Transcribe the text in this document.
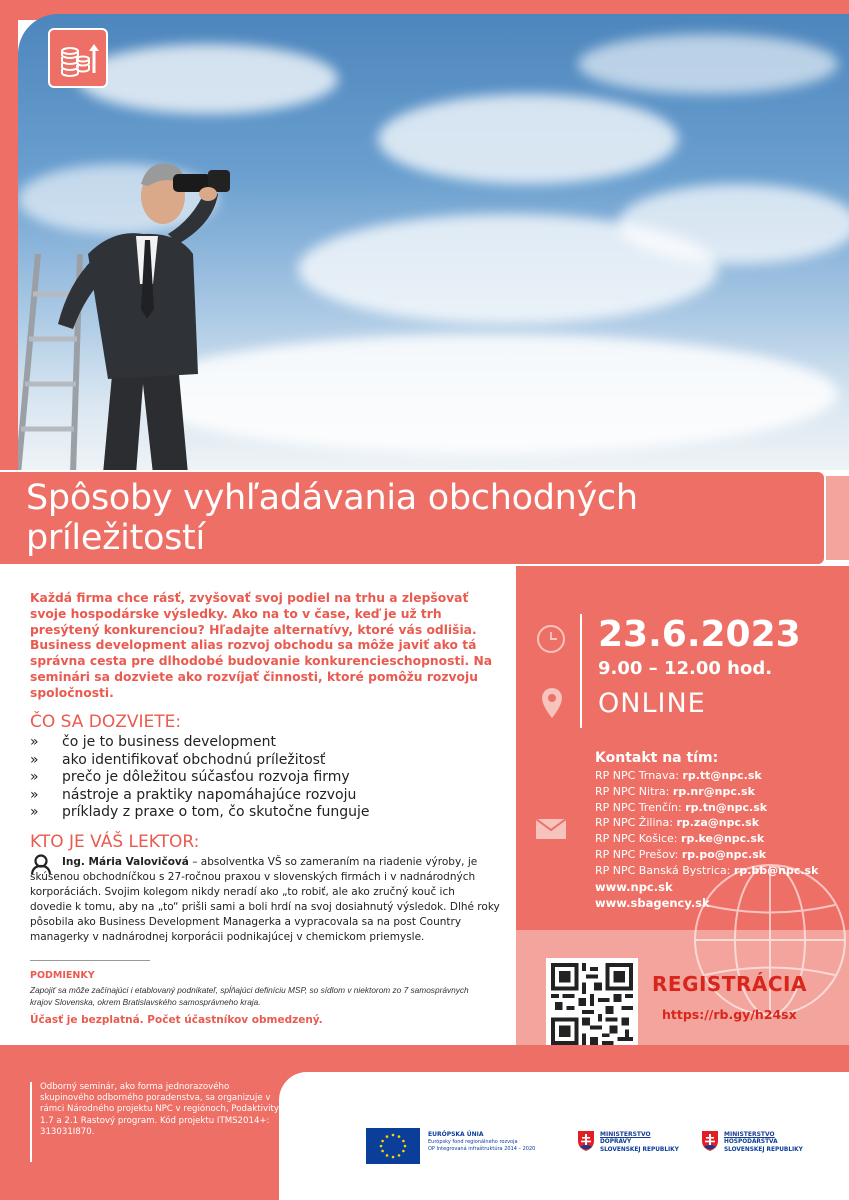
Spôsoby vyhľadávania obchodných príležitostí
23.6.2023
9.00 – 12.00 hod.
ONLINE
Kontakt na tím:
RP NPC Trnava: rp.tt@npc.sk
RP NPC Nitra: rp.nr@npc.sk
RP NPC Trenčín: rp.tn@npc.sk
RP NPC Žilina: rp.za@npc.sk
RP NPC Košice: rp.ke@npc.sk
RP NPC Prešov: rp.po@npc.sk
RP NPC Banská Bystrica: rp.bb@npc.sk
www.npc.sk
www.sbagency.sk
REGISTRÁCIA
https://rb.gy/h24sx

Každá firma chce rásť, zvyšovať svoj podiel na trhu a zlepšovať svoje hospodárske výsledky. Ako na to v čase, keď je už trh presýtený konkurenciou? Hľadajte alternatívy, ktoré vás odlišia. Business development alias rozvoj obchodu sa môže javiť ako tá správna cesta pre dlhodobé budovanie konkurencieschopnosti. Na seminári sa dozviete ako rozvíjať činnosti, ktoré pomôžu rozvoju spoločnosti.

ČO SA DOZVIETE:
» čo je to business development
» ako identifikovať obchodnú príležitosť
» prečo je dôležitou súčasťou rozvoja firmy
» nástroje a praktiky napomáhajúce rozvoju
» príklady z praxe o tom, čo skutočne funguje
KTO JE VÁŠ LEKTOR:

Ing. Mária Valovičová – absolventka VŠ so zameraním na riadenie výroby, je skúsenou obchodníčkou s 27-ročnou praxou v slovenských firmách i v nadnárodných korporáciách. Svojim kolegom nikdy neradí ako „to robiť, ale ako zručný kouč ich dovedie k tomu, aby na „to“ prišli sami a boli hrdí na svoj dosiahnutý výsledok. Dlhé roky pôsobila ako Business Development Managerka a vypracovala sa na post Country managerky v nadnárodnej korporácii podnikajúcej v chemickom priemysle.

PODMIENKY

Zapojiť sa môže začínajúci i etablovaný podnikateľ, spĺňajúci definíciu MSP, so sídlom v niektorom zo 7 samosprávnych krajov Slovenska, okrem Bratislavského samosprávneho kraja.

Účasť je bezplatná. Počet účastníkov obmedzený.

Odborný seminár, ako forma jednorazového skupinového odborného poradenstva, sa organizuje v rámci Národného projektu NPC v regiónoch, Podaktivity 1.7 a 2.1 Rastový program. Kód projektu ITMS2014+: 313031I870.	EURÓPSKA ÚNIA
Európsky fond regionálneho rozvoja
OP Integrovaná infraštruktúra 2014 – 2020
MINISTERSTVO
DOPRAVY
SLOVENSKEJ REPUBLIKY
MINISTERSTVO
HOSPODÁRSTVA
SLOVENSKEJ REPUBLIKY
